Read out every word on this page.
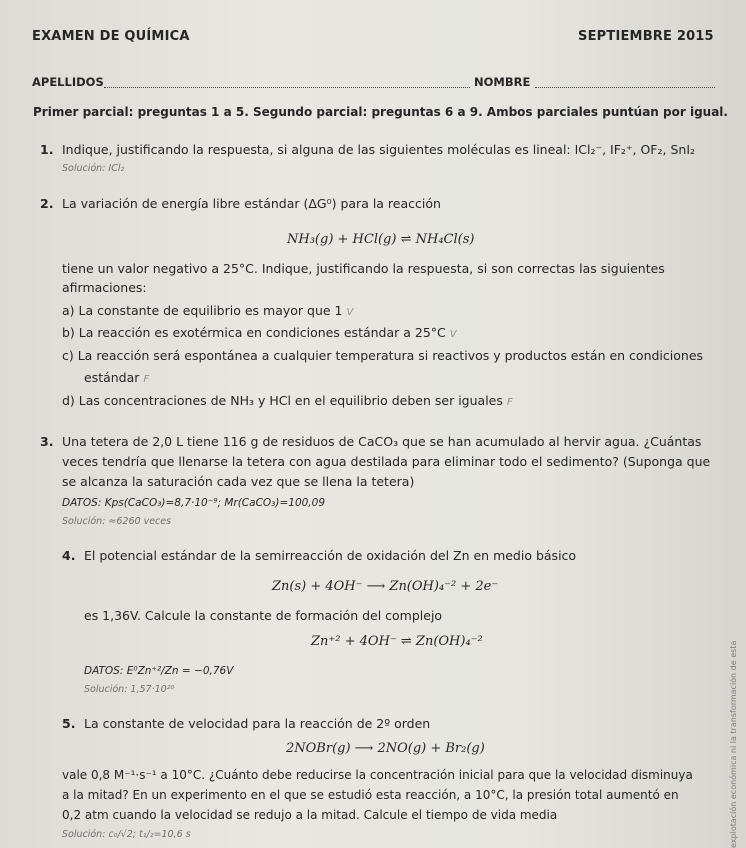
EXAMEN DE QUÍMICA	SEPTIEMBRE 2015
APELLIDOS	NOMBRE
Primer parcial: preguntas 1 a 5. Segundo parcial: preguntas 6 a 9. Ambos parciales puntúan por igual.
1. Indique, justificando la respuesta, si alguna de las siguientes moléculas es lineal: ICl₂⁻, IF₂⁺, OF₂, SnI₂
Solución: ICl₂
2. La variación de energía libre estándar (ΔG⁰) para la reacción
NH₃(g) + HCl(g) ⇌ NH₄Cl(s)
tiene un valor negativo a 25°C. Indique, justificando la respuesta, si son correctas las siguientes
afirmaciones:
a) La constante de equilibrio es mayor que 1 V
b) La reacción es exotérmica en condiciones estándar a 25°C V
c) La reacción será espontánea a cualquier temperatura si reactivos y productos están en condiciones
estándar F
d) Las concentraciones de NH₃ y HCl en el equilibrio deben ser iguales F
3. Una tetera de 2,0 L tiene 116 g de residuos de CaCO₃ que se han acumulado al hervir agua. ¿Cuántas
veces tendría que llenarse la tetera con agua destilada para eliminar todo el sedimento? (Suponga que
se alcanza la saturación cada vez que se llena la tetera)
DATOS: Kps(CaCO₃)=8,7·10⁻⁹; Mr(CaCO₃)=100,09
Solución: ≈6260 veces
4. El potencial estándar de la semirreacción de oxidación del Zn en medio básico
Zn(s) + 4OH⁻ ⟶ Zn(OH)₄⁻² + 2e⁻
es 1,36V. Calcule la constante de formación del complejo
Zn⁺² + 4OH⁻ ⇌ Zn(OH)₄⁻²
DATOS: E⁰Zn⁺²/Zn = −0,76V
Solución: 1,57·10²⁰
5. La constante de velocidad para la reacción de 2º orden
2NOBr(g) ⟶ 2NO(g) + Br₂(g)
vale 0,8 M⁻¹·s⁻¹ a 10°C. ¿Cuánto debe reducirse la concentración inicial para que la velocidad disminuya
a la mitad? En un experimento en el que se estudió esta reacción, a 10°C, la presión total aumentó en
0,2 atm cuando la velocidad se redujo a la mitad. Calcule el tiempo de vida media
Solución: c₀/√2; t₁/₂=10,6 s	explotación económica ni la transformación de esta
